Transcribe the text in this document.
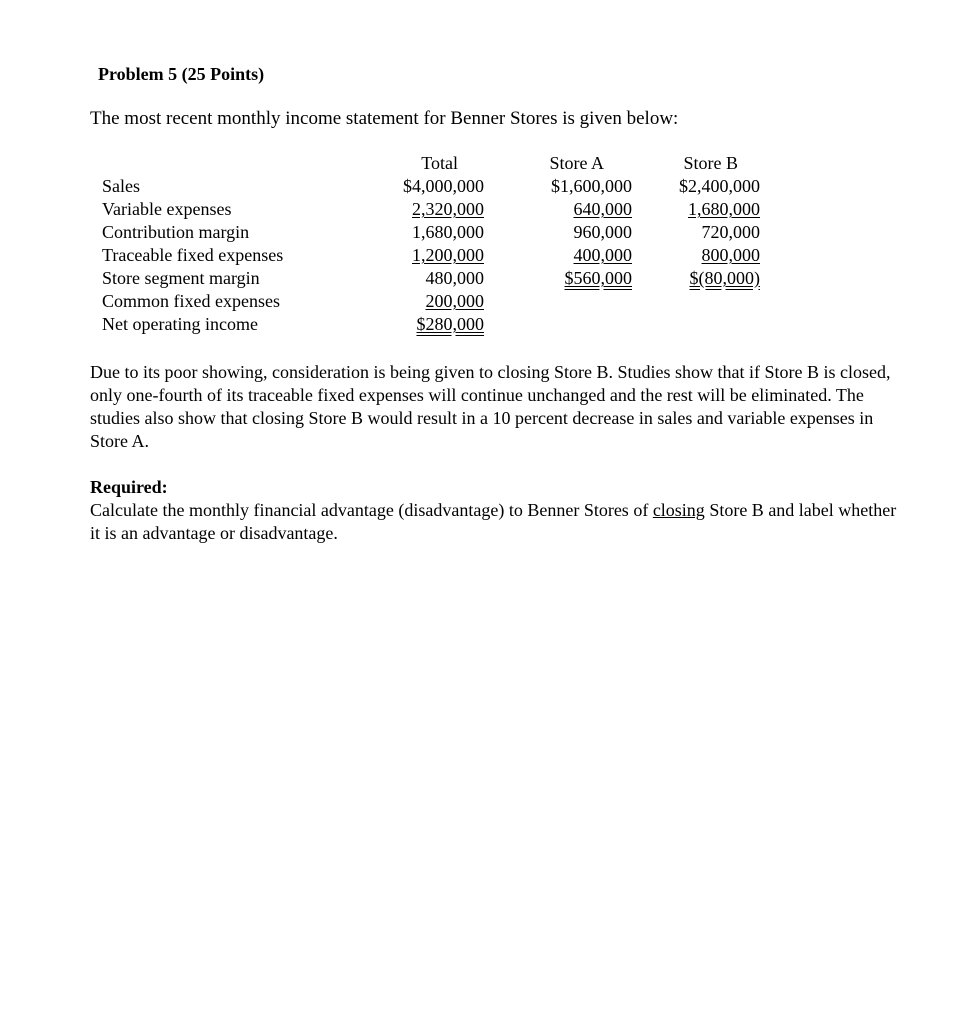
Problem 5 (25 Points)
The most recent monthly income statement for Benner Stores is given below:
	Total	Store A	Store B
Sales	$4,000,000	$1,600,000	$2,400,000
Variable expenses	2,320,000	640,000	1,680,000
Contribution margin	1,680,000	960,000	720,000
Traceable fixed expenses	1,200,000	400,000	800,000
Store segment margin	480,000	$560,000	$(80,000)
Common fixed expenses	200,000		
Net operating income	$280,000		
Due to its poor showing, consideration is being given to closing Store B. Studies show that if Store B is closed, only one-fourth of its traceable fixed expenses will continue unchanged and the rest will be eliminated. The studies also show that closing Store B would result in a 10 percent decrease in sales and variable expenses in Store A.
Required:
Calculate the monthly financial advantage (disadvantage) to Benner Stores of closing Store B and label whether it is an advantage or disadvantage.
